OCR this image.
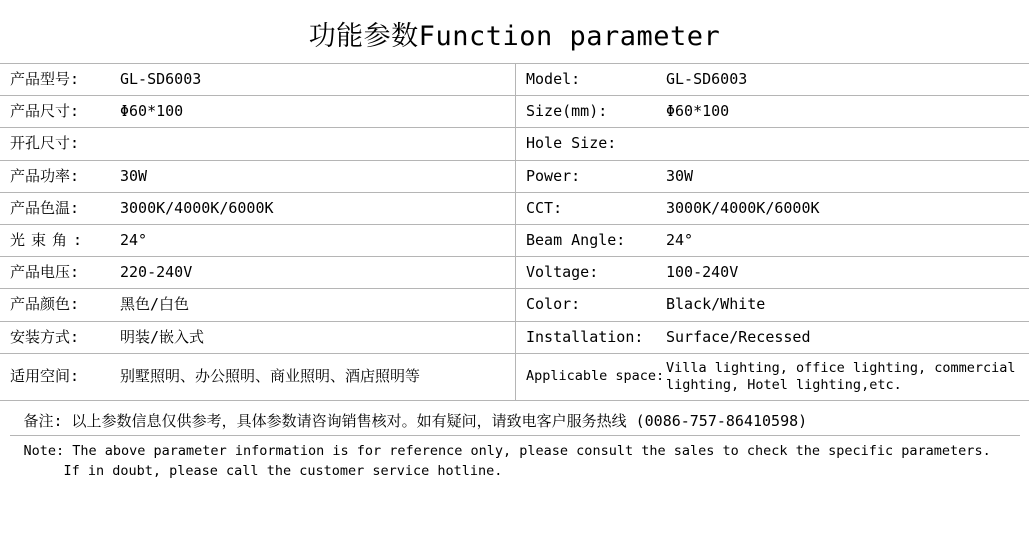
功能参数Function parameter
产品型号:	GL-SD6003	Model:	GL-SD6003
产品尺寸:	Φ60*100	Size(mm):	Φ60*100
开孔尺寸:		Hole Size:	
产品功率:	30W	Power:	30W
产品色温:	3000K/4000K/6000K	CCT:	3000K/4000K/6000K
光束角:	24°	Beam Angle:	24°
产品电压:	220-240V	Voltage:	100-240V
产品颜色:	黑色/白色	Color:	Black/White
安装方式:	明装/嵌入式	Installation:	Surface/Recessed
适用空间:	别墅照明、办公照明、商业照明、酒店照明等	Applicable space:	Villa lighting, office lighting, commercial lighting, Hotel lighting,etc.
备注: 以上参数信息仅供参考，具体参数请咨询销售核对。如有疑问，请致电客户服务热线 (0086-757-86410598)
Note: The above parameter information is for reference only, please consult the sales to check the specific parameters.
If in doubt, please call the customer service hotline.
